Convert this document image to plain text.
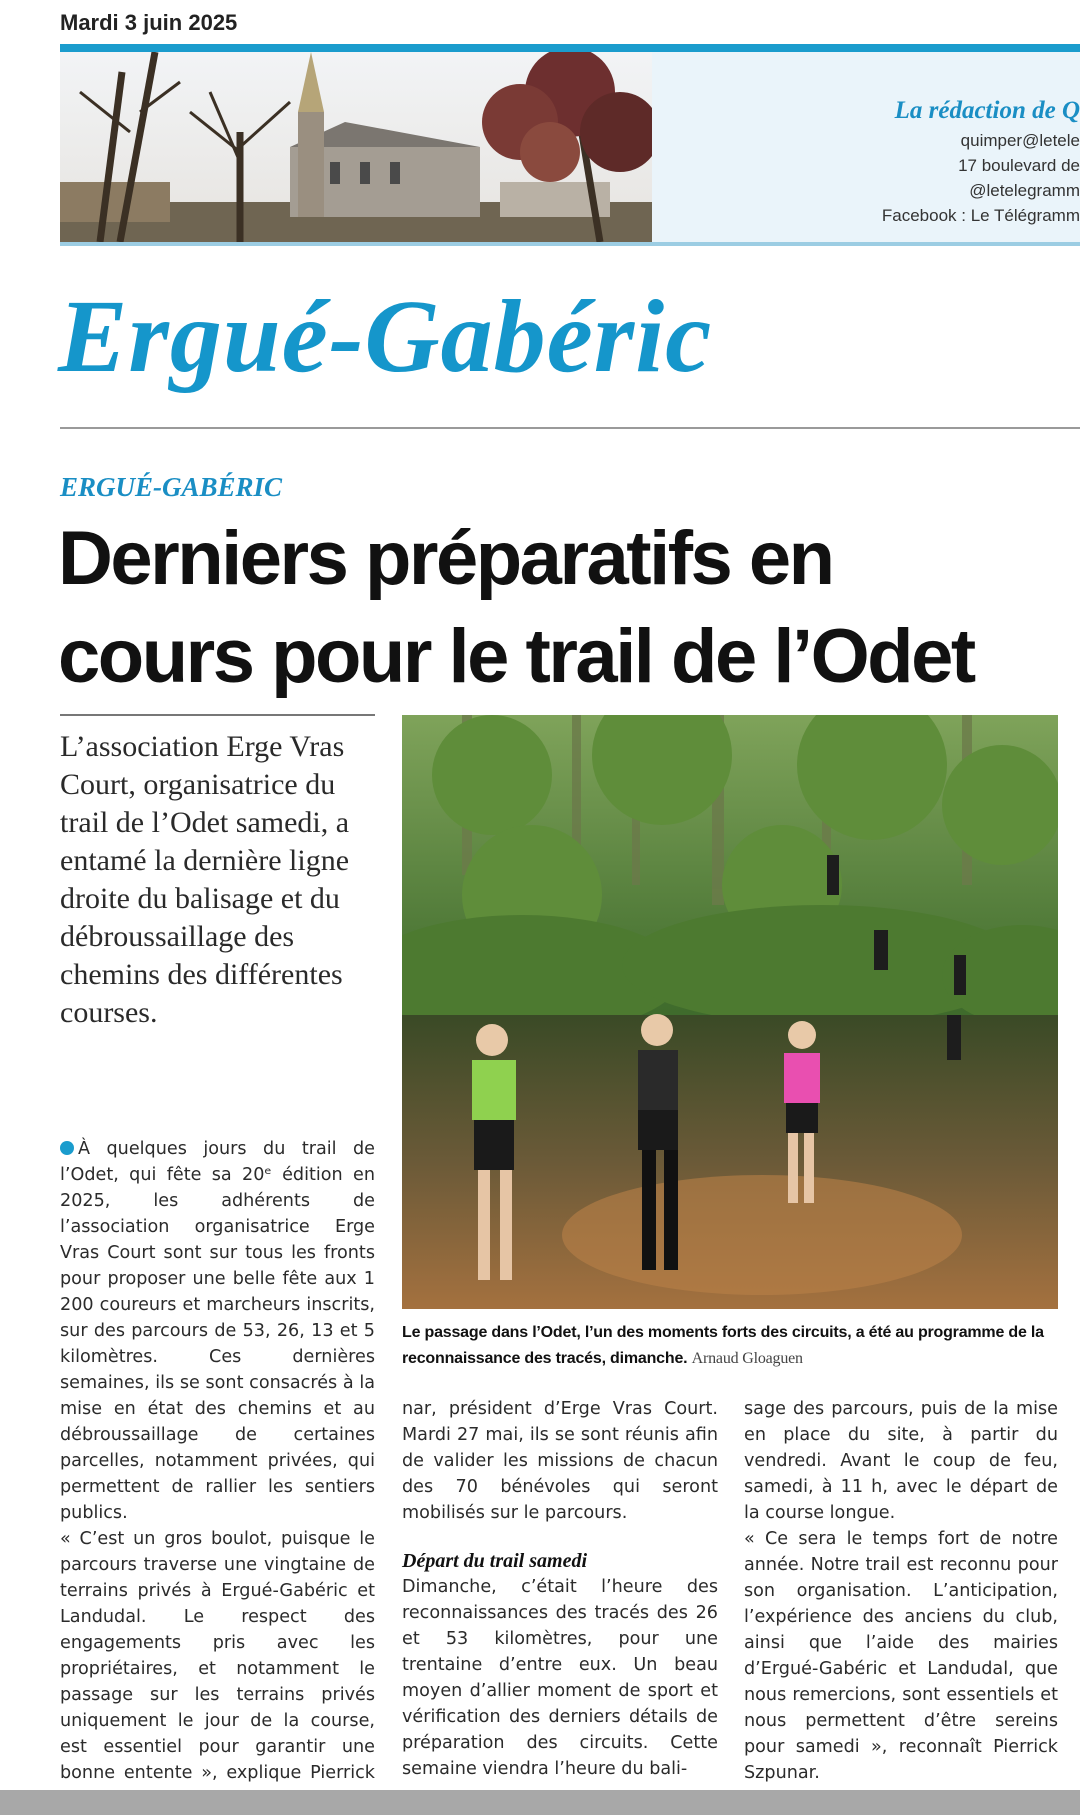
Mardi 3 juin 2025
La rédaction de Q
quimper@letele
17 boulevard de
@letelegramm
Facebook : Le Télégramm
Ergué-Gabéric
ERGUÉ-GABÉRIC
Derniers préparatifs en
cours pour le trail de l’Odet
L’association Erge Vras Court, organisatrice du trail de l’Odet samedi, a entamé la dernière ligne droite du balisage et du débroussaillage des chemins des différentes courses.
Le passage dans l’Odet, l’un des moments forts des circuits, a été au programme de la reconnaissance des tracés, dimanche. Arnaud Gloaguen

À quelques jours du trail de l’Odet, qui fête sa 20ᵉ édition en 2025, les adhérents de l’association organisatrice Erge Vras Court sont sur tous les fronts pour proposer une belle fête aux 1 200 coureurs et marcheurs inscrits, sur des parcours de 53, 26, 13 et 5 kilomètres. Ces dernières semaines, ils se sont consacrés à la mise en état des chemins et au débroussaillage de certaines parcelles, notamment privées, qui permettent de rallier les sentiers publics.

« C’est un gros boulot, puisque le parcours traverse une vingtaine de terrains privés à Ergué-Gabéric et Landudal. Le respect des engagements pris avec les propriétaires, et notamment le passage sur les terrains privés uniquement le jour de la course, est essentiel pour garantir une bonne entente », explique Pierrick

nar, président d’Erge Vras Court. Mardi 27 mai, ils se sont réunis afin de valider les missions de chacun des 70 bénévoles qui seront mobilisés sur le parcours.

Départ du trail samedi

Dimanche, c’était l’heure des reconnaissances des tracés des 26 et 53 kilomètres, pour une trentaine d’entre eux. Un beau moyen d’allier moment de sport et vérification des derniers détails de préparation des circuits. Cette semaine viendra l’heure du bali-

sage des parcours, puis de la mise en place du site, à partir du vendredi. Avant le coup de feu, samedi, à 11 h, avec le départ de la course longue.

« Ce sera le temps fort de notre année. Notre trail est reconnu pour son organisation. L’anticipation, l’expérience des anciens du club, ainsi que l’aide des mairies d’Ergué-Gabéric et Landudal, que nous remercions, sont essentiels et nous permettent d’être sereins pour samedi », reconnaît Pierrick Szpunar.
